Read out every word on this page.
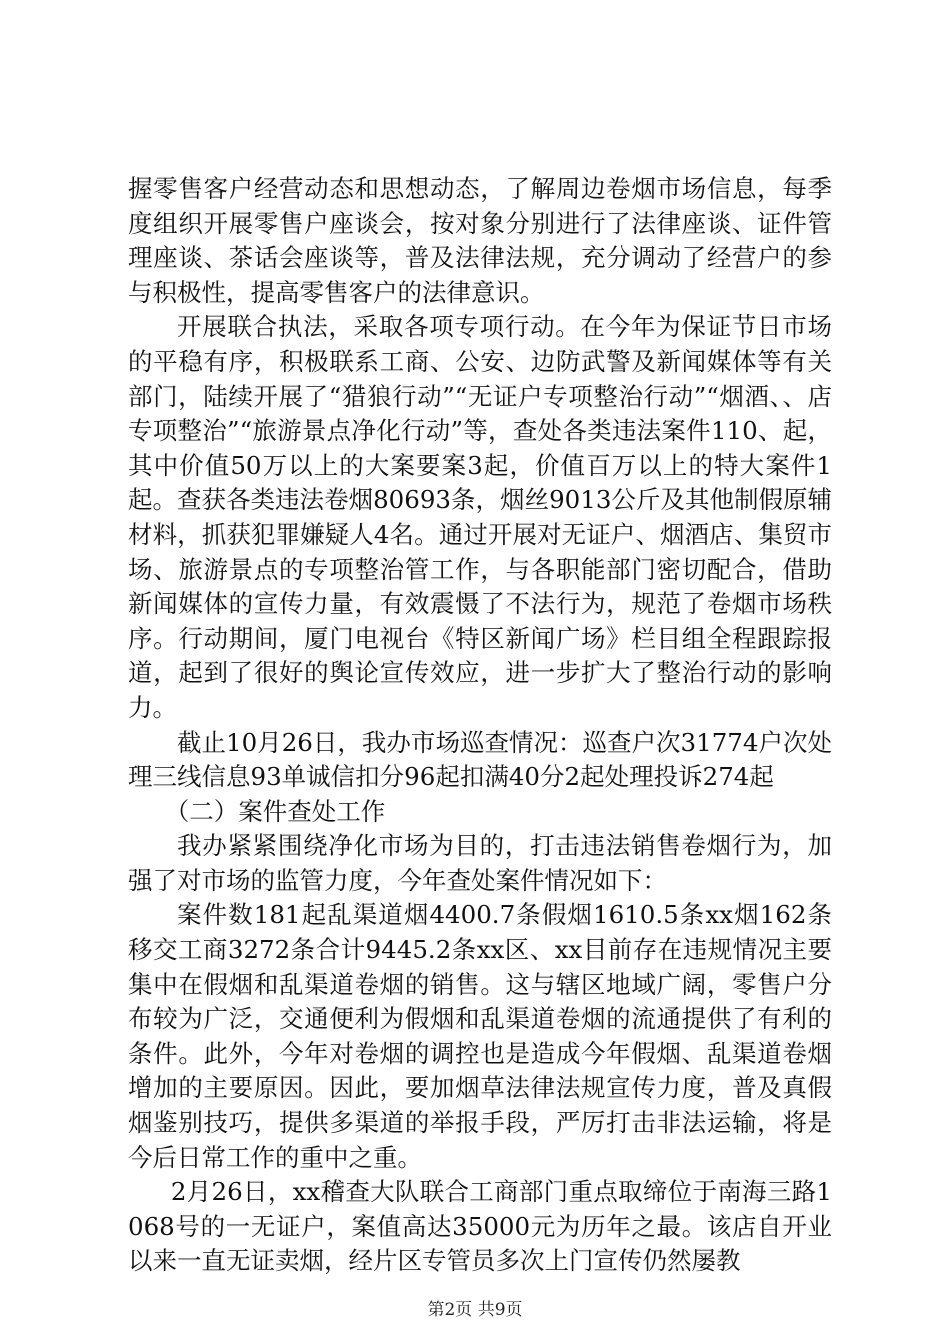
握零售客户经营动态和思想动态，了解周边卷烟市场信息，每季度组织开展零售户座谈会，按对象分别进行了法律座谈、证件管理座谈、茶话会座谈等，普及法律法规，充分调动了经营户的参与积极性，提高零售客户的法律意识。

开展联合执法，采取各项专项行动。在今年为保证节日市场的平稳有序，积极联系工商、公安、边防武警及新闻媒体等有关部门，陆续开展了“猎狼行动”“无证户专项整治行动”“烟酒、、店专项整治”“旅游景点净化行动”等，查处各类违法案件110、起，其中价值50万以上的大案要案3起，价值百万以上的特大案件1起。查获各类违法卷烟80693条，烟丝9013公斤及其他制假原辅材料，抓获犯罪嫌疑人4名。通过开展对无证户、烟酒店、集贸市场、旅游景点的专项整治管工作，与各职能部门密切配合，借助新闻媒体的宣传力量，有效震慑了不法行为，规范了卷烟市场秩序。行动期间，厦门电视台《特区新闻广场》栏目组全程跟踪报道，起到了很好的舆论宣传效应，进一步扩大了整治行动的影响力。

截止10月26日，我办市场巡查情况：巡查户次31774户次处理三线信息93单诚信扣分96起扣满40分2起处理投诉274起

（二）案件查处工作

我办紧紧围绕净化市场为目的，打击违法销售卷烟行为，加强了对市场的监管力度，今年查处案件情况如下：

案件数181起乱渠道烟4400.7条假烟1610.5条xx烟162条移交工商3272条合计9445.2条xx区、xx目前存在违规情况主要集中在假烟和乱渠道卷烟的销售。这与辖区地域广阔，零售户分布较为广泛，交通便利为假烟和乱渠道卷烟的流通提供了有利的条件。此外，今年对卷烟的调控也是造成今年假烟、乱渠道卷烟增加的主要原因。因此，要加烟草法律法规宣传力度，普及真假烟鉴别技巧，提供多渠道的举报手段，严厉打击非法运输，将是今后日常工作的重中之重。

2月26日，xx稽查大队联合工商部门重点取缔位于南海三路1068号的一无证户，案值高达35000元为历年之最。该店自开业以来一直无证卖烟，经片区专管员多次上门宣传仍然屡教

第2页 共9页
